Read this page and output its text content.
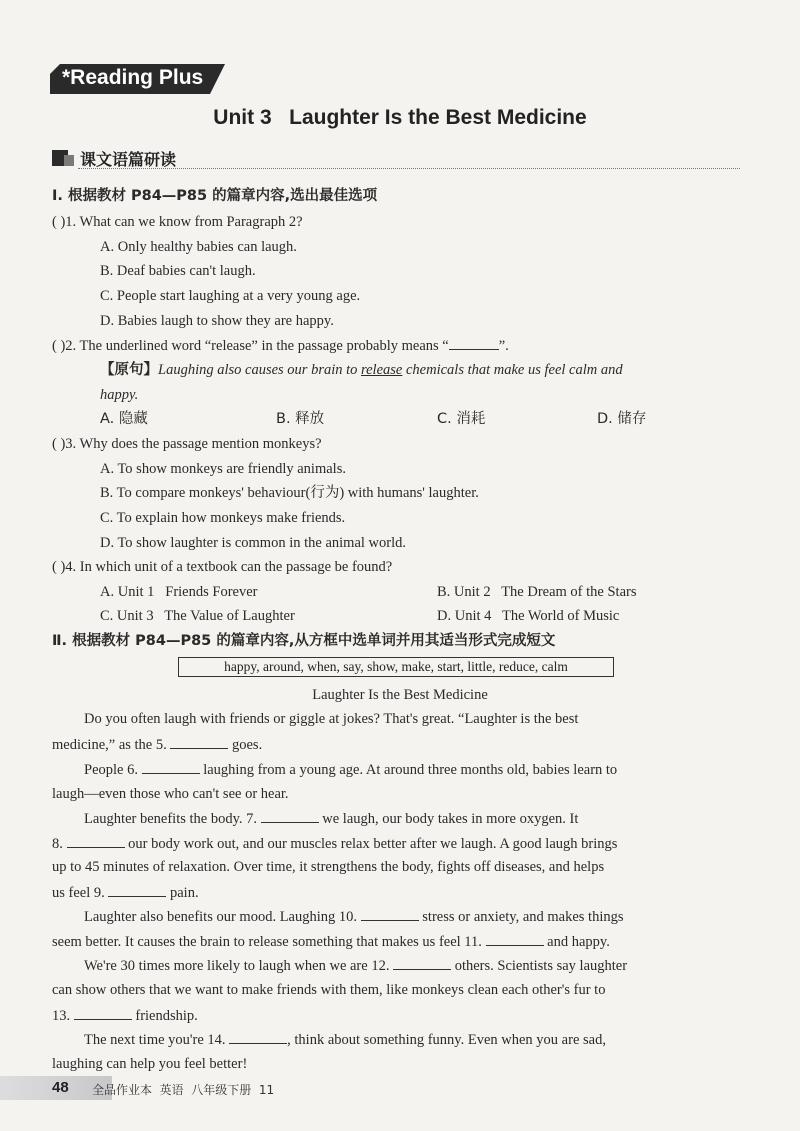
*Reading Plus
Unit 3   Laughter Is the Best Medicine
课文语篇研读
Ⅰ. 根据教材 P84—P85 的篇章内容,选出最佳选项
( )1. What can we know from Paragraph 2?
A. Only healthy babies can laugh.
B. Deaf babies can't laugh.
C. People start laughing at a very young age.
D. Babies laugh to show they are happy.
( )2. The underlined word “release” in the passage probably means “	”.
【原句】Laughing also causes our brain to release chemicals that make us feel calm and
happy.
A. 隐藏	B. 释放	C. 消耗	D. 储存
( )3. Why does the passage mention monkeys?
A. To show monkeys are friendly animals.
B. To compare monkeys' behaviour(行为) with humans' laughter.
C. To explain how monkeys make friends.
D. To show laughter is common in the animal world.
( )4. In which unit of a textbook can the passage be found?
A. Unit 1   Friends Forever	B. Unit 2   The Dream of the Stars
C. Unit 3   The Value of Laughter	D. Unit 4   The World of Music
Ⅱ. 根据教材 P84—P85 的篇章内容,从方框中选单词并用其适当形式完成短文
happy, around, when, say, show, make, start, little, reduce, calm
Laughter Is the Best Medicine
Do you often laugh with friends or giggle at jokes? That's great. “Laughter is the best
medicine,” as the 5.	goes.
People 6.	laughing from a young age. At around three months old, babies learn to
laugh—even those who can't see or hear.
Laughter benefits the body. 7.	we laugh, our body takes in more oxygen. It
8.	our body work out, and our muscles relax better after we laugh. A good laugh brings
up to 45 minutes of relaxation. Over time, it strengthens the body, fights off diseases, and helps
us feel 9.	pain.
Laughter also benefits our mood. Laughing 10.	stress or anxiety, and makes things
seem better. It causes the brain to release something that makes us feel 11.	and happy.
We're 30 times more likely to laugh when we are 12.	others. Scientists say laughter
can show others that we want to make friends with them, like monkeys clean each other's fur to
13.	friendship.
The next time you're 14.	, think about something funny. Even when you are sad,
laughing can help you feel better!
48 全品作业本  英语  八年级下册  11
